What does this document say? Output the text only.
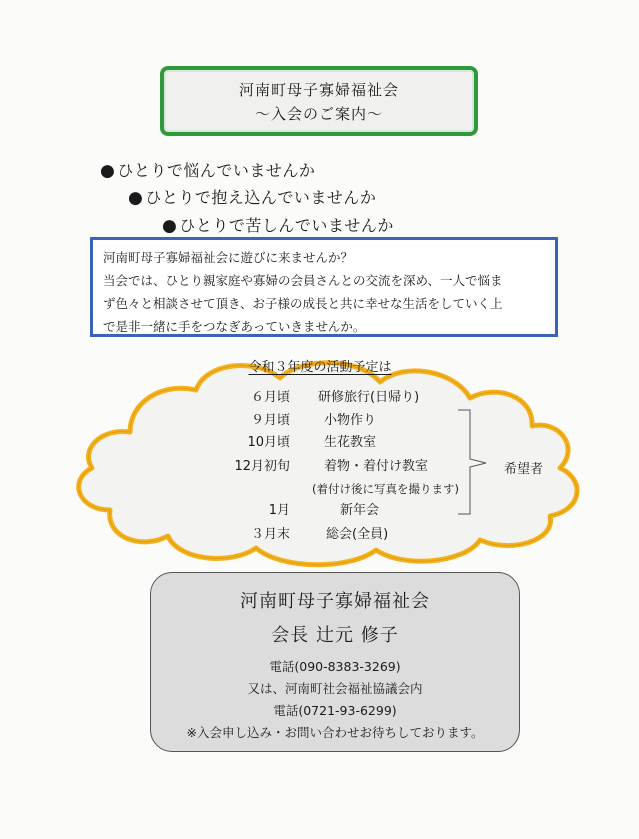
河南町母子寡婦福祉会
〜入会のご案内〜
● ひとりで悩んでいませんか
● ひとりで抱え込んでいませんか
● ひとりで苦しんでいませんか
河南町母子寡婦福祉会に遊びに来ませんか？
当会では、ひとり親家庭や寡婦の会員さんとの交流を深め、一人で悩ま
ず色々と相談させて頂き、お子様の成長と共に幸せな生活をしていく上
で是非一緒に手をつなぎあっていきませんか。
令和３年度の活動予定は
６月頃 研修旅行(日帰り)
９月頃	小物作り
10月頃	生花教室
12月初旬	着物・着付け教室
(着付け後に写真を撮ります)
1月	新年会
３月末	総会(全員)
希望者
河南町母子寡婦福祉会
会長 辻元 修子
電話(090-8383-3269)
又は、河南町社会福祉協議会内
電話(0721-93-6299)
※入会申し込み・お問い合わせお待ちしております。
